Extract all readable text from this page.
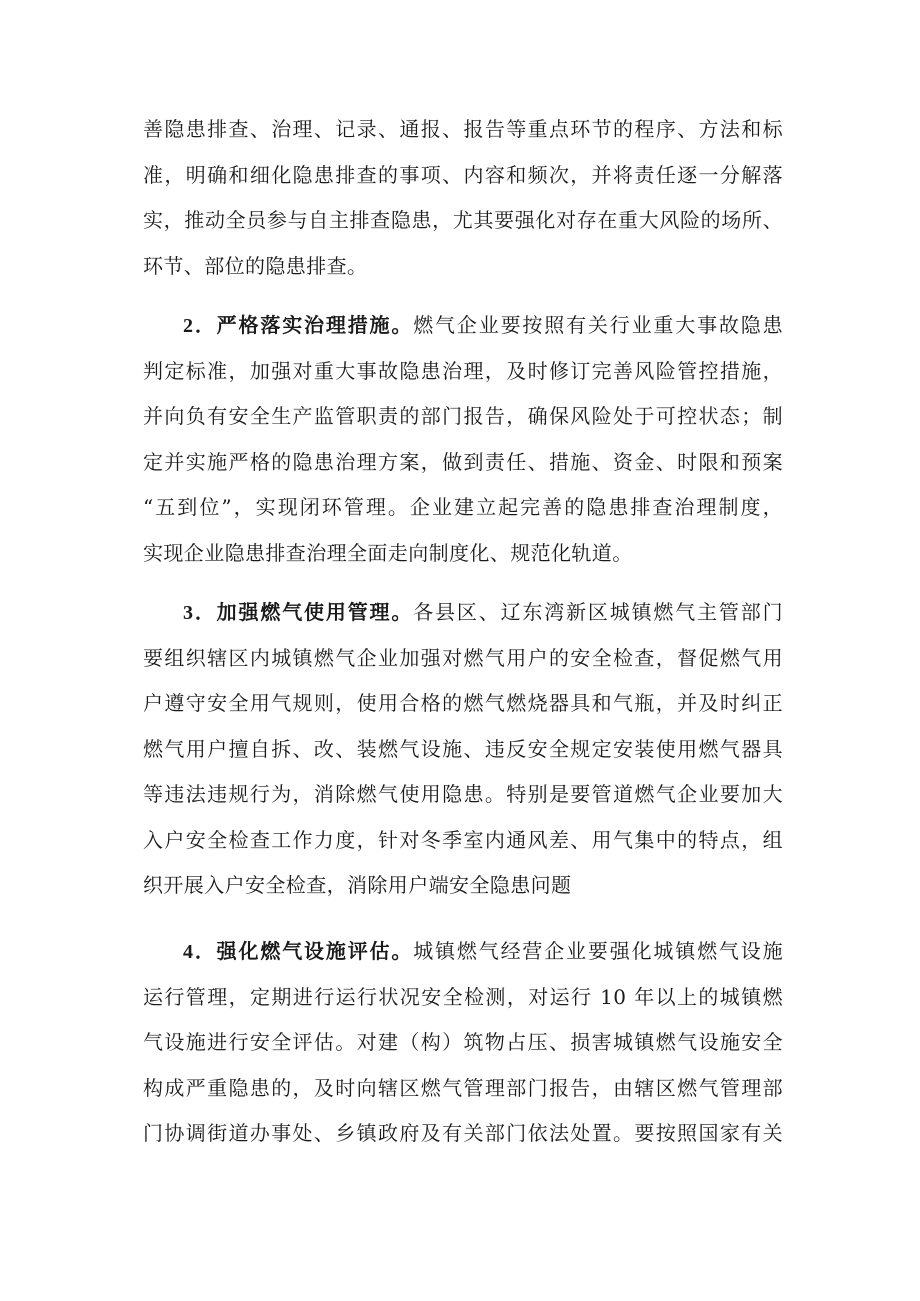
善隐患排查、治理、记录、通报、报告等重点环节的程序、方法和标
准，明确和细化隐患排查的事项、内容和频次，并将责任逐一分解落
实，推动全员参与自主排查隐患，尤其要强化对存在重大风险的场所、
环节、部位的隐患排查。
2．严格落实治理措施。燃气企业要按照有关行业重大事故隐患
判定标准，加强对重大事故隐患治理，及时修订完善风险管控措施，
并向负有安全生产监管职责的部门报告，确保风险处于可控状态；制
定并实施严格的隐患治理方案，做到责任、措施、资金、时限和预案
“五到位”，实现闭环管理。企业建立起完善的隐患排查治理制度，
实现企业隐患排查治理全面走向制度化、规范化轨道。
3．加强燃气使用管理。各县区、辽东湾新区城镇燃气主管部门
要组织辖区内城镇燃气企业加强对燃气用户的安全检查，督促燃气用
户遵守安全用气规则，使用合格的燃气燃烧器具和气瓶，并及时纠正
燃气用户擅自拆、改、装燃气设施、违反安全规定安装使用燃气器具
等违法违规行为，消除燃气使用隐患。特别是要管道燃气企业要加大
入户安全检查工作力度，针对冬季室内通风差、用气集中的特点，组
织开展入户安全检查，消除用户端安全隐患问题
4．强化燃气设施评估。城镇燃气经营企业要强化城镇燃气设施
运行管理，定期进行运行状况安全检测，对运行 10 年以上的城镇燃
气设施进行安全评估。对建（构）筑物占压、损害城镇燃气设施安全
构成严重隐患的，及时向辖区燃气管理部门报告，由辖区燃气管理部
门协调街道办事处、乡镇政府及有关部门依法处置。要按照国家有关
